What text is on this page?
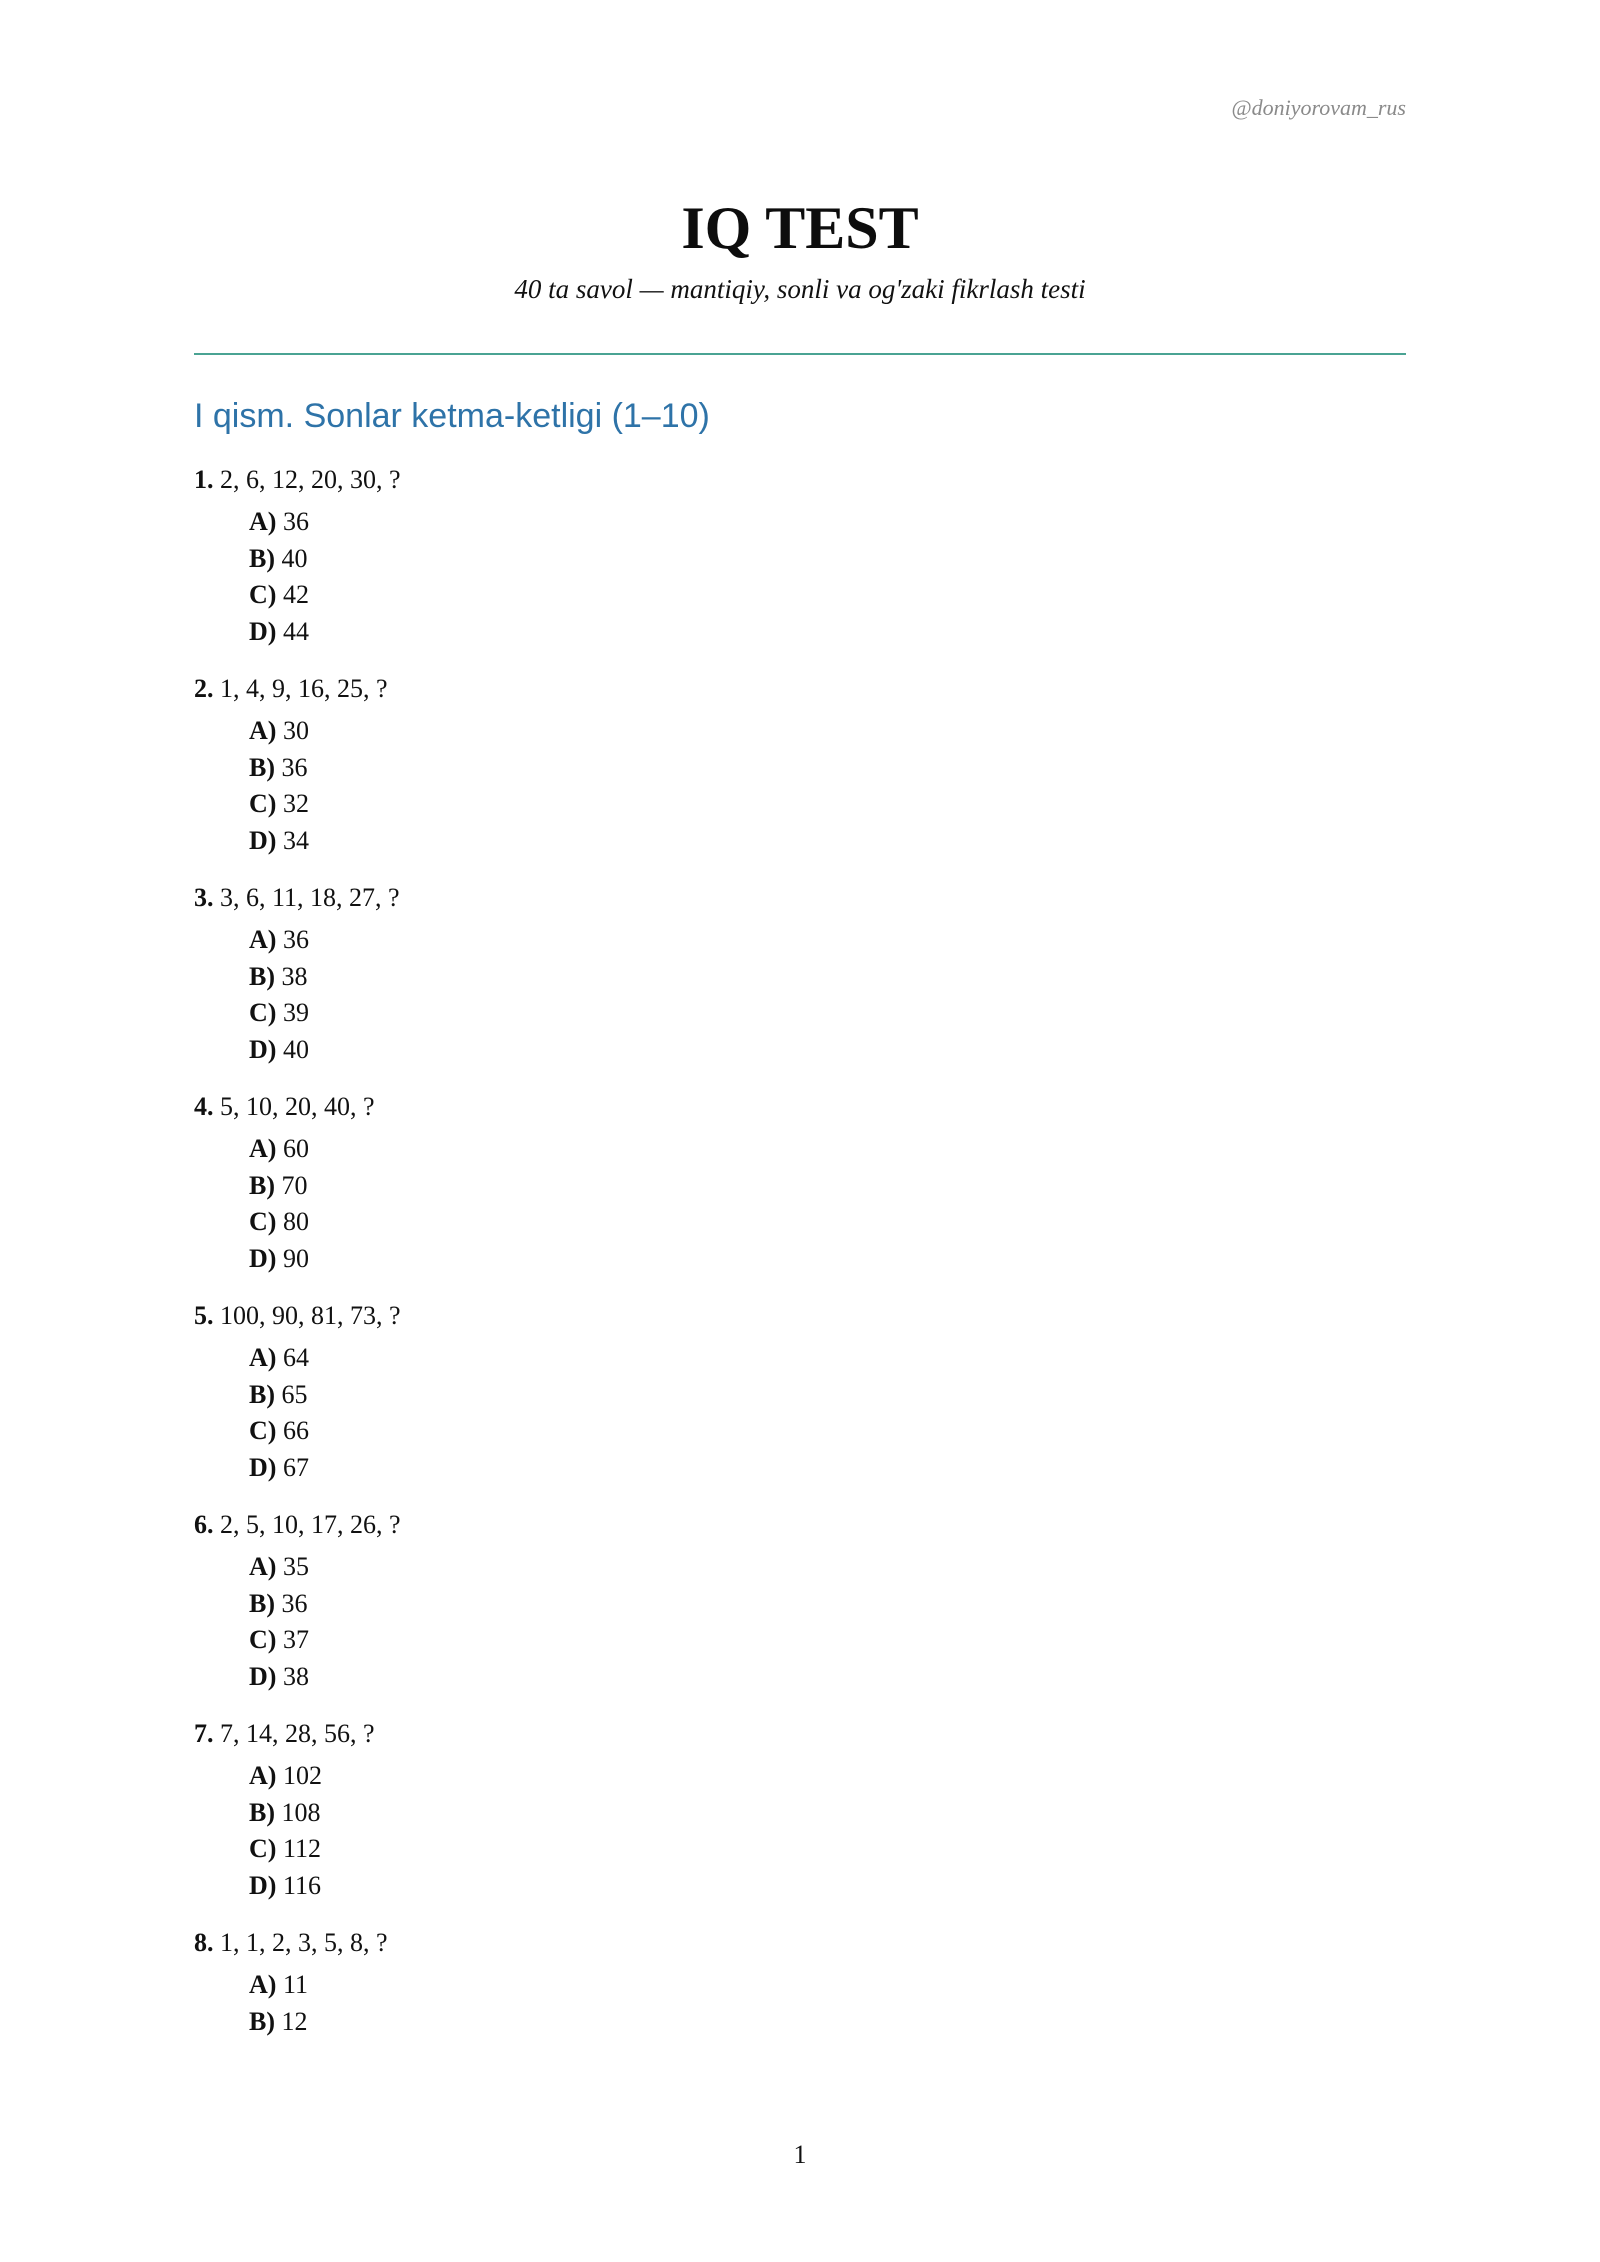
@doniyorovam_rus
IQ TEST
40 ta savol — mantiqiy, sonli va og'zaki fikrlash testi
I qism. Sonlar ketma-ketligi (1–10)
1. 2, 6, 12, 20, 30, ?
A) 36
B) 40
C) 42
D) 44
2. 1, 4, 9, 16, 25, ?
A) 30
B) 36
C) 32
D) 34
3. 3, 6, 11, 18, 27, ?
A) 36
B) 38
C) 39
D) 40
4. 5, 10, 20, 40, ?
A) 60
B) 70
C) 80
D) 90
5. 100, 90, 81, 73, ?
A) 64
B) 65
C) 66
D) 67
6. 2, 5, 10, 17, 26, ?
A) 35
B) 36
C) 37
D) 38
7. 7, 14, 28, 56, ?
A) 102
B) 108
C) 112
D) 116
8. 1, 1, 2, 3, 5, 8, ?
A) 11
B) 12
1
